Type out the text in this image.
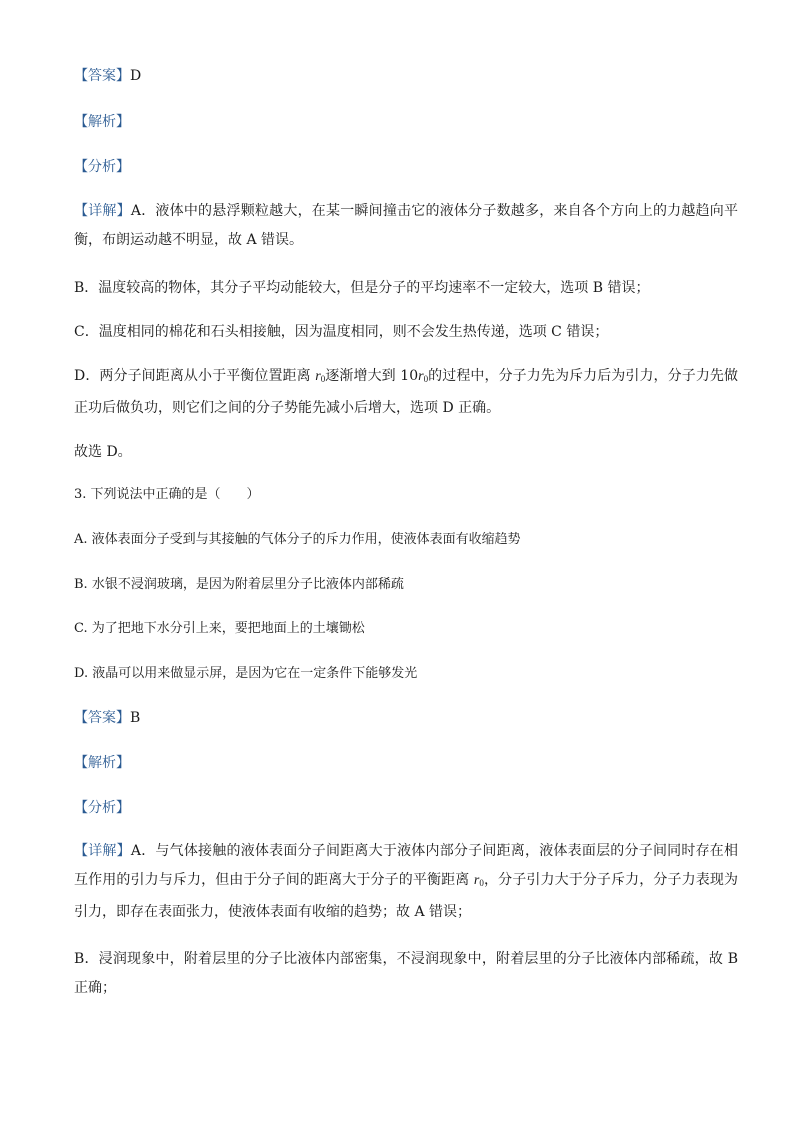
【答案】D
【解析】
【分析】
【详解】A．液体中的悬浮颗粒越大，在某一瞬间撞击它的液体分子数越多，来自各个方向上的力越趋向平衡，布朗运动越不明显，故 A 错误。
B．温度较高的物体，其分子平均动能较大，但是分子的平均速率不一定较大，选项 B 错误；
C．温度相同的棉花和石头相接触，因为温度相同，则不会发生热传递，选项 C 错误；
D．两分子间距离从小于平衡位置距离 $r_0$逐渐增大到 $10r_0$的过程中，分子力先为斥力后为引力，分子力先做正功后做负功，则它们之间的分子势能先减小后增大，选项 D 正确。
故选 D。
3. 下列说法中正确的是（　　）
A. 液体表面分子受到与其接触的气体分子的斥力作用，使液体表面有收缩趋势
B. 水银不浸润玻璃，是因为附着层里分子比液体内部稀疏
C. 为了把地下水分引上来，要把地面上的土壤锄松
D. 液晶可以用来做显示屏，是因为它在一定条件下能够发光
【答案】B
【解析】
【分析】
【详解】A．与气体接触的液体表面分子间距离大于液体内部分子间距离，液体表面层的分子间同时存在相互作用的引力与斥力，但由于分子间的距离大于分子的平衡距离 $r_0$，分子引力大于分子斥力，分子力表现为引力，即存在表面张力，使液体表面有收缩的趋势；故 A 错误；
B．浸润现象中，附着层里的分子比液体内部密集，不浸润现象中，附着层里的分子比液体内部稀疏，故 B 正确；
